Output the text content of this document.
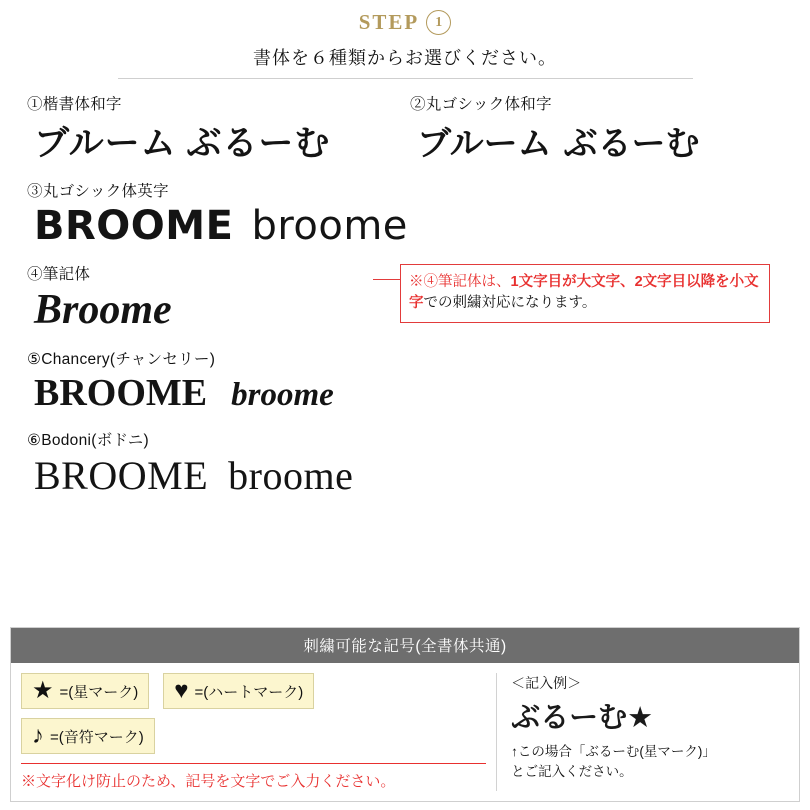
STEP	1
書体を６種類からお選びください。
①楷書体和字
ブルーム ぶるーむ
②丸ゴシック体和字
ブルーム ぶるーむ
③丸ゴシック体英字
BROOME broome
④筆記体
Broome
※④筆記体は、1文字目が大文字、2文字目以降を小文字での刺繍対応になります。
⑤Chancery(チャンセリー)
BROOME broome
⑥Bodoni(ボドニ)
BROOME broome
刺繍可能な記号(全書体共通)
★ =(星マーク) ♥ =(ハートマーク)
♪ =(音符マーク)
※文字化け防止のため、記号を文字でご入力ください。
＜記入例＞
ぶるーむ★
↑この場合「ぶるーむ(星マーク)」
とご記入ください。
